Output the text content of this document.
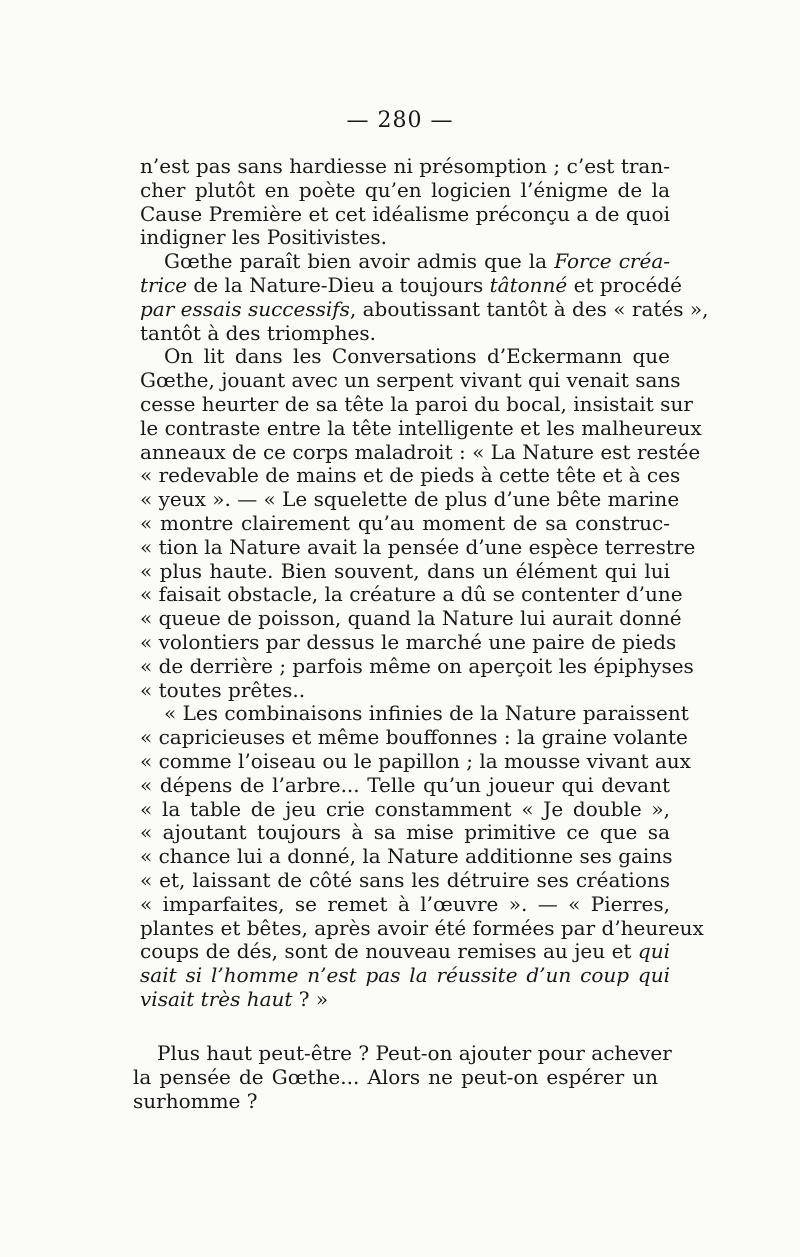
— 280 —
n’est pas sans hardiesse ni présomption ; c’est tran-
cher plutôt en poète qu’en logicien l’énigme de la
Cause Première et cet idéalisme préconçu a de quoi
indigner les Positivistes.
Gœthe paraît bien avoir admis que la Force créa-
trice de la Nature-Dieu a toujours tâtonné et procédé
par essais successifs, aboutissant tantôt à des « ratés »,
tantôt à des triomphes.
On lit dans les Conversations d’Eckermann que
Gœthe, jouant avec un serpent vivant qui venait sans
cesse heurter de sa tête la paroi du bocal, insistait sur
le contraste entre la tête intelligente et les malheureux
anneaux de ce corps maladroit : « La Nature est restée
« redevable de mains et de pieds à cette tête et à ces
« yeux ». — « Le squelette de plus d’une bête marine
« montre clairement qu’au moment de sa construc-
« tion la Nature avait la pensée d’une espèce terrestre
« plus haute. Bien souvent, dans un élément qui lui
« faisait obstacle, la créature a dû se contenter d’une
« queue de poisson, quand la Nature lui aurait donné
« volontiers par dessus le marché une paire de pieds
« de derrière ; parfois même on aperçoit les épiphyses
« toutes prêtes..
« Les combinaisons infinies de la Nature paraissent
« capricieuses et même bouffonnes : la graine volante
« comme l’oiseau ou le papillon ; la mousse vivant aux
« dépens de l’arbre... Telle qu’un joueur qui devant
« la table de jeu crie constamment « Je double »,
« ajoutant toujours à sa mise primitive ce que sa
« chance lui a donné, la Nature additionne ses gains
« et, laissant de côté sans les détruire ses créations
« imparfaites, se remet à l’œuvre ». — « Pierres,
plantes et bêtes, après avoir été formées par d’heureux
coups de dés, sont de nouveau remises au jeu et qui
sait si l’homme n’est pas la réussite d’un coup qui
visait très haut ? »
Plus haut peut-être ? Peut-on ajouter pour achever
la pensée de Gœthe... Alors ne peut-on espérer un
surhomme ?
